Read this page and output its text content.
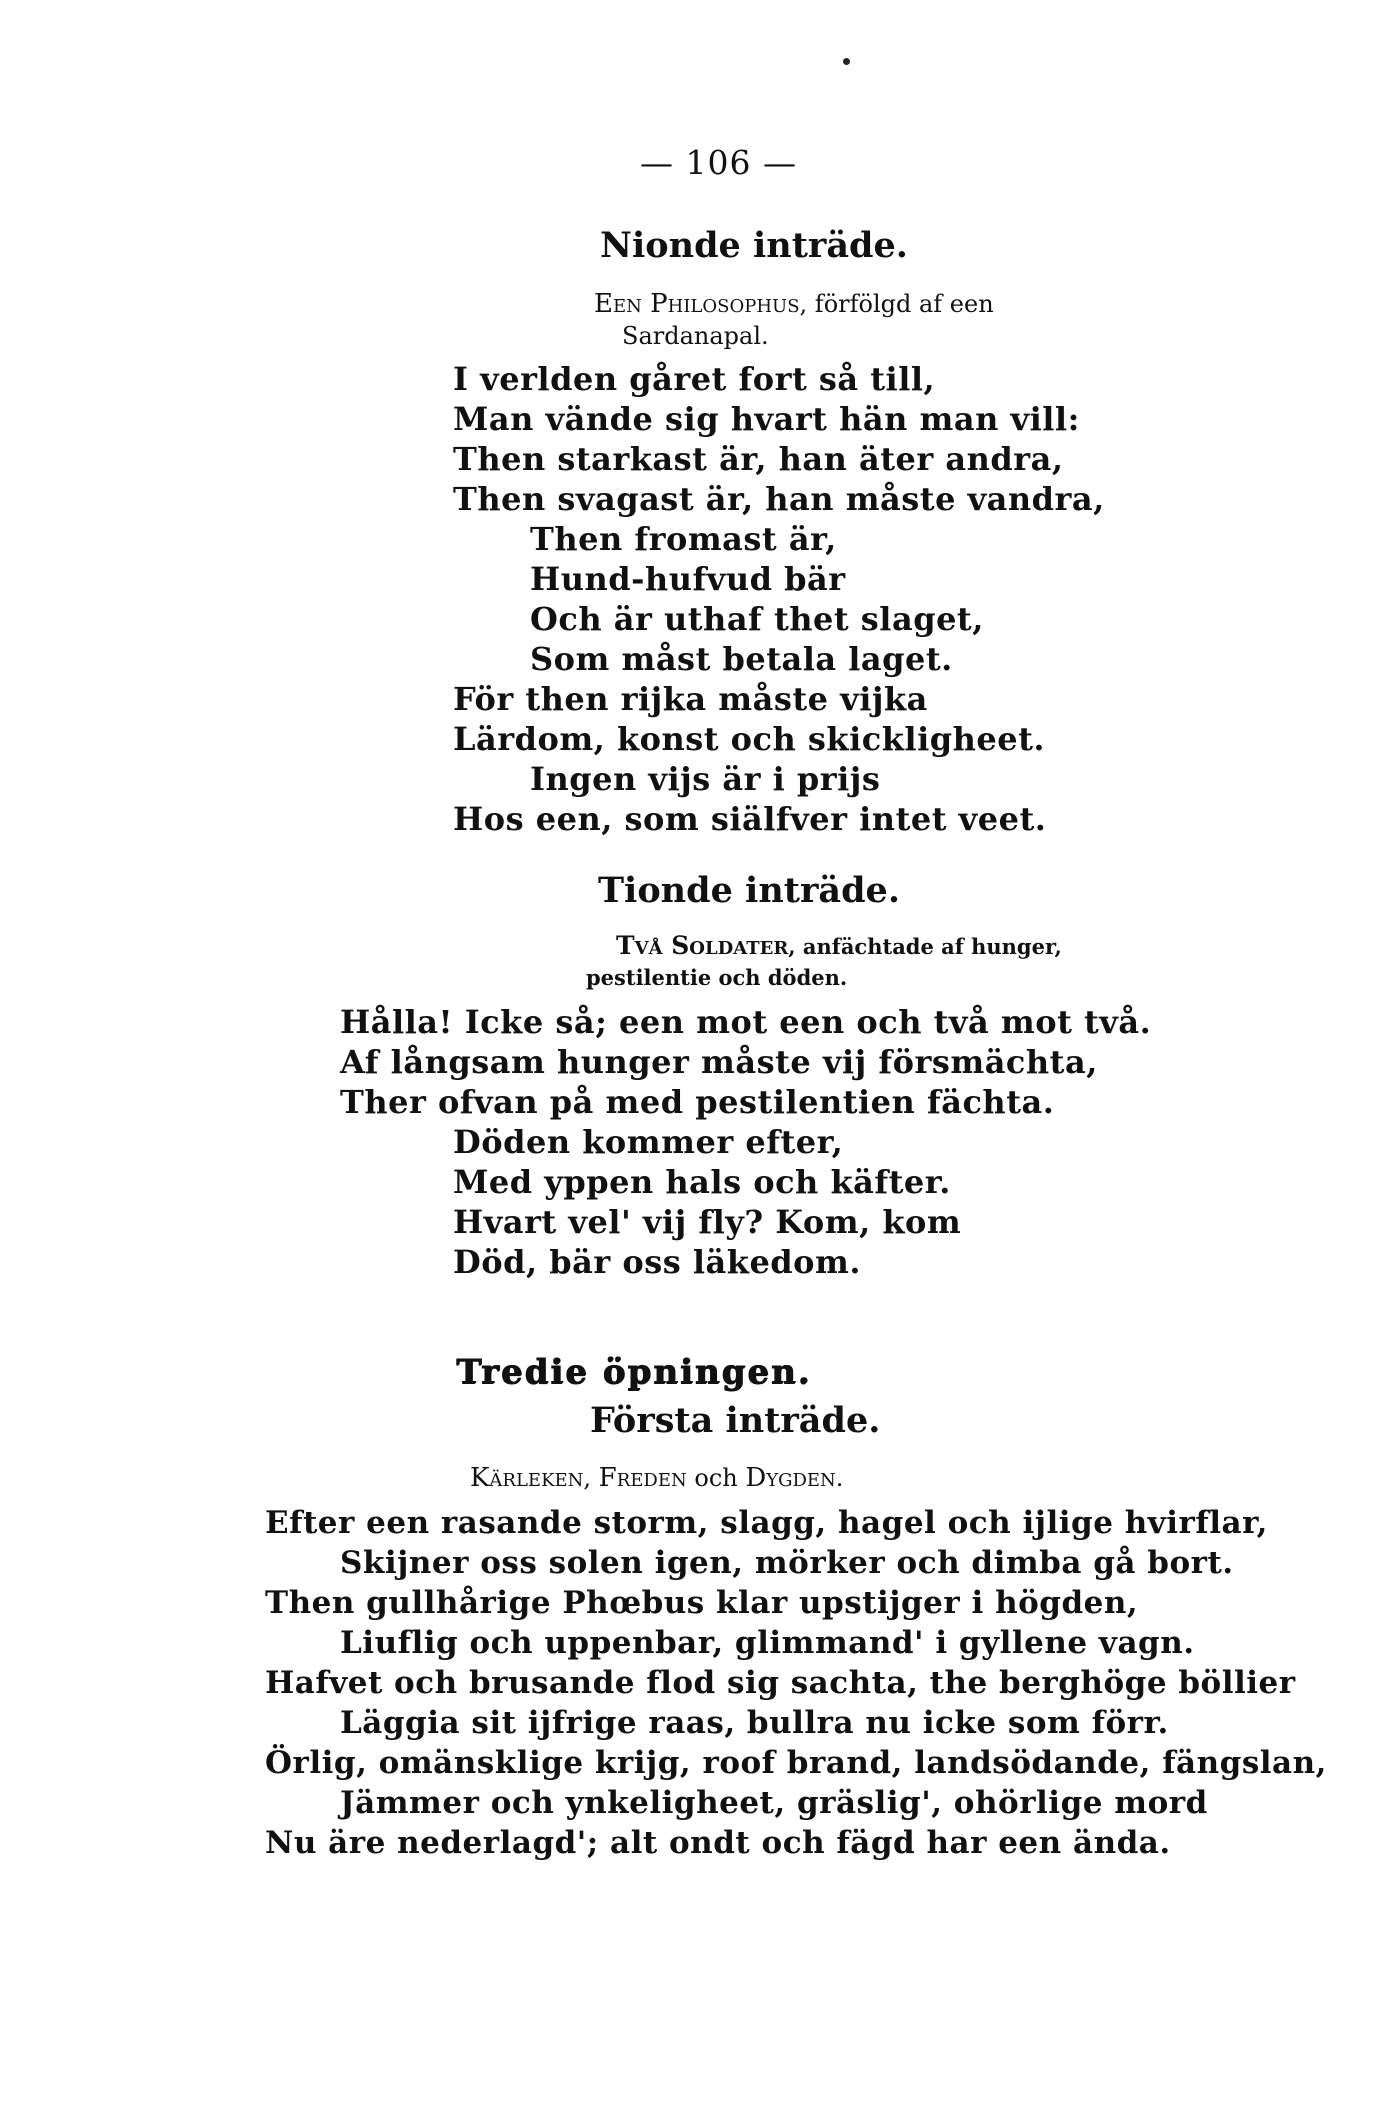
— 106 —
Nionde inträde.
Een Philosophus, förfölgd af een
Sardanapal.
I verlden gåret fort så till,
Man vände sig hvart hän man vill:
Then starkast är, han äter andra,
Then svagast är, han måste vandra,
Then fromast är,
Hund-hufvud bär
Och är uthaf thet slaget,
Som måst betala laget.
För then rijka måste vijka
Lärdom, konst och skickligheet.
Ingen vijs är i prijs
Hos een, som siälfver intet veet.
Tionde inträde.
Två Soldater, anfächtade af hunger,
pestilentie och döden.
Hålla! Icke så; een mot een och två mot två.
Af långsam hunger måste vij försmächta,
Ther ofvan på med pestilentien fächta.
Döden kommer efter,
Med yppen hals och käfter.
Hvart vel' vij fly? Kom, kom
Död, bär oss läkedom.
Tredie öpningen.
Första inträde.
Kärleken, Freden och Dygden.
Efter een rasande storm, slagg, hagel och ijlige hvirflar,
Skijner oss solen igen, mörker och dimba gå bort.
Then gullhårige Phœbus klar upstijger i högden,
Liuflig och uppenbar, glimmand' i gyllene vagn.
Hafvet och brusande flod sig sachta, the berghöge böllier
Läggia sit ijfrige raas, bullra nu icke som förr.
Örlig, omänsklige krijg, roof brand, landsödande, fängslan,
Jämmer och ynkeligheet, gräslig', ohörlige mord
Nu äre nederlagd'; alt ondt och fägd har een ända.
